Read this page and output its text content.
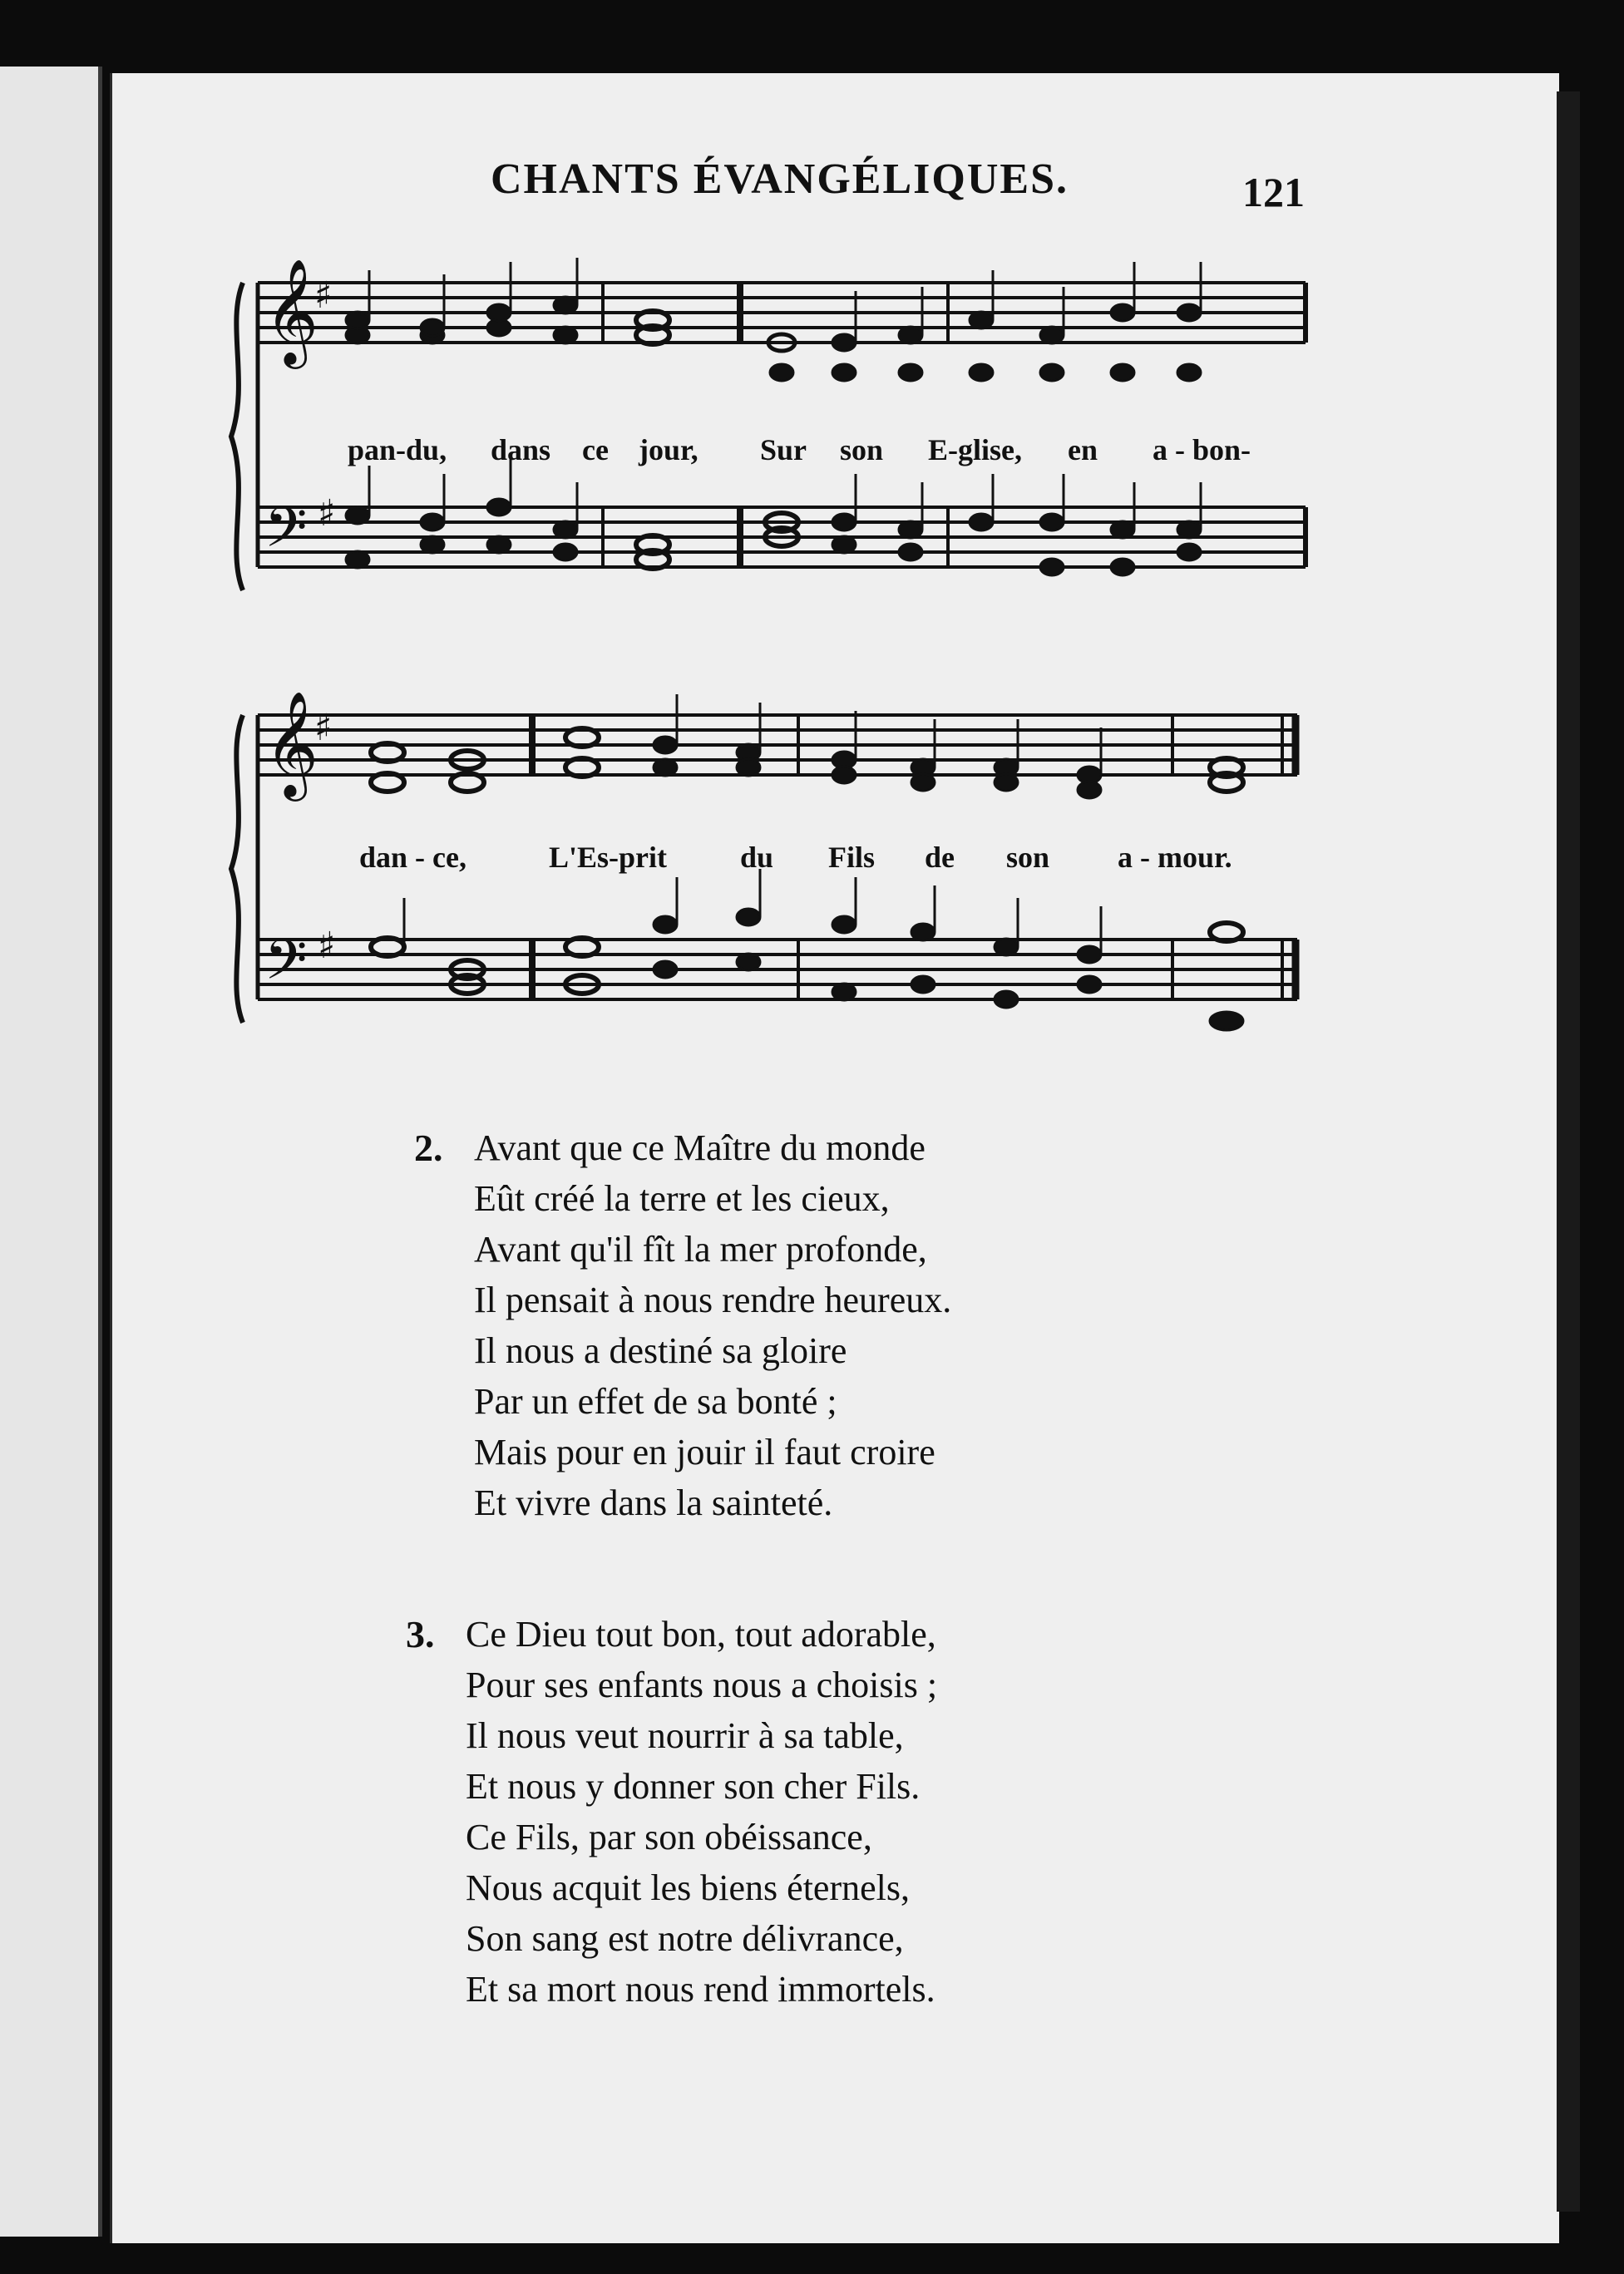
CHANTS ÉVANGÉLIQUES.	121
𝄞
𝄢
♯
♯
pan-du, dans ce jour, Sur son E-glise, en a - bon-
𝄞
𝄢
♯
♯
dan - ce,	L'Es-prit du Fils de son a - mour.
2. Avant que ce Maître du monde
Eût créé la terre et les cieux,
Avant qu'il fît la mer profonde,
Il pensait à nous rendre heureux.
Il nous a destiné sa gloire
Par un effet de sa bonté ;
Mais pour en jouir il faut croire
Et vivre dans la sainteté.
3. Ce Dieu tout bon, tout adorable,
Pour ses enfants nous a choisis ;
Il nous veut nourrir à sa table,
Et nous y donner son cher Fils.
Ce Fils, par son obéissance,
Nous acquit les biens éternels,
Son sang est notre délivrance,
Et sa mort nous rend immortels.
